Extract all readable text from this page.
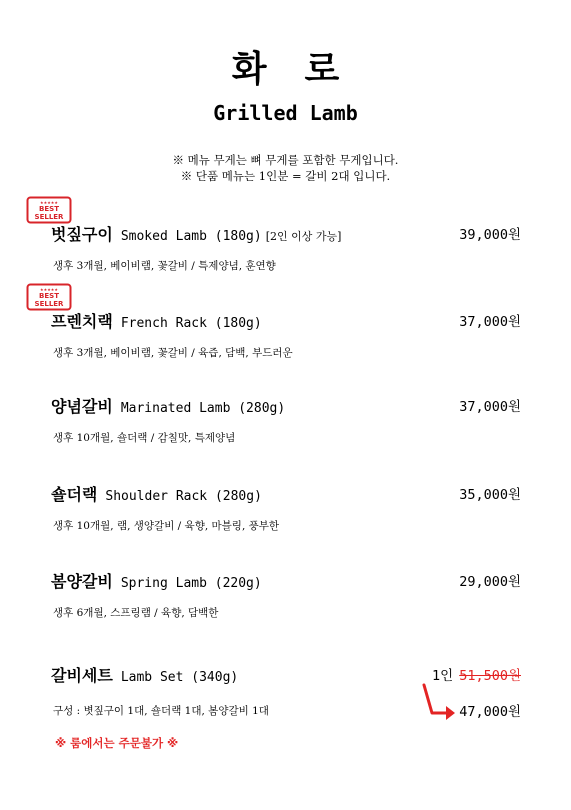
화로
Grilled Lamb
※ 메뉴 무게는 뼈 무게를 포함한 무게입니다.
※ 단품 메뉴는 1인분 = 갈비 2대 입니다.
★★★★★
BEST
SELLER
벗짚구이 Smoked Lamb (180g) [2인 이상 가능]	39,000원
생후 3개월, 베이비램, 꽃갈비 / 특제양념, 훈연향
★★★★★
BEST
SELLER
프렌치랙 French Rack (180g)	37,000원
생후 3개월, 베이비램, 꽃갈비 / 육즙, 담백, 부드러운
양념갈비 Marinated Lamb (280g)	37,000원
생후 10개월, 숄더랙 / 감칠맛, 특제양념
숄더랙 Shoulder Rack (280g)	35,000원
생후 10개월, 램, 생양갈비 / 육향, 마블링, 풍부한
봄양갈비 Spring Lamb (220g)	29,000원
생후 6개월, 스프링램 / 육향, 담백한
갈비세트 Lamb Set (340g)	1인 51,500원
47,000원
구성 : 볏짚구이 1대, 숄더랙 1대, 봄양갈비 1대
※ 룸에서는 주문불가 ※
